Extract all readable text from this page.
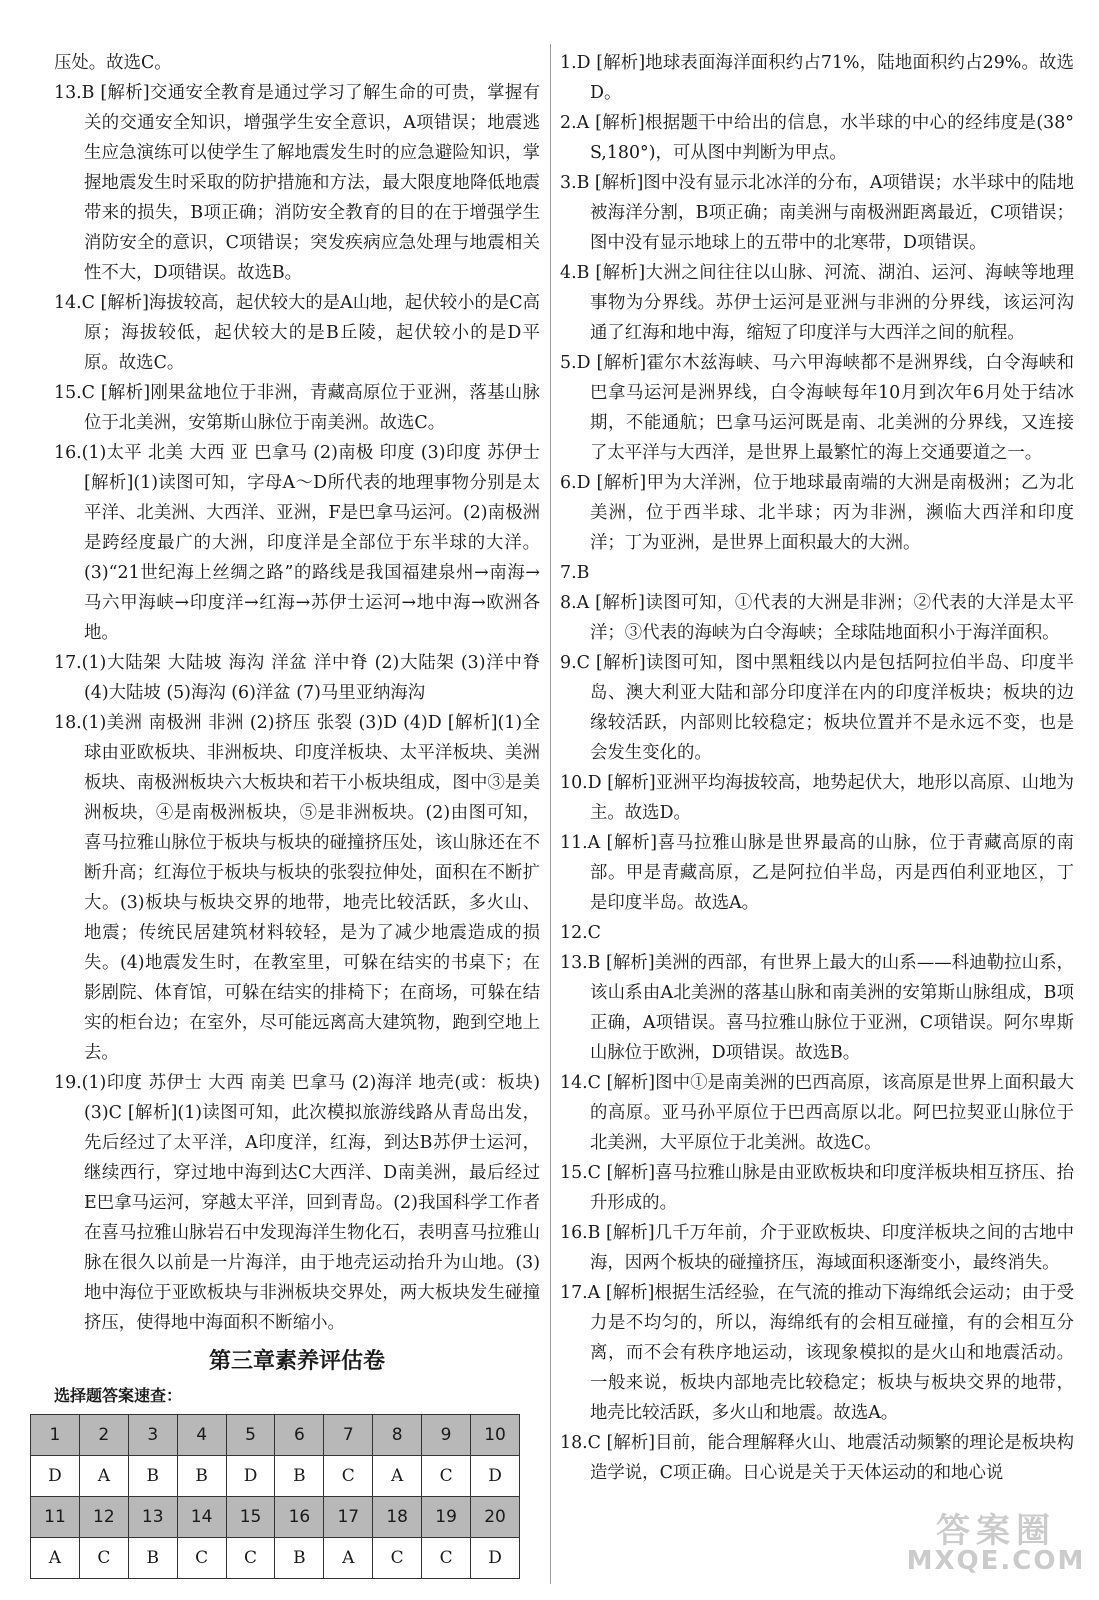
压处。故选C。
13.B [解析]交通安全教育是通过学习了解生命的可贵，掌握有关的交通安全知识，增强学生安全意识，A项错误；地震逃生应急演练可以使学生了解地震发生时的应急避险知识，掌握地震发生时采取的防护措施和方法，最大限度地降低地震带来的损失，B项正确；消防安全教育的目的在于增强学生消防安全的意识，C项错误；突发疾病应急处理与地震相关性不大，D项错误。故选B。
14.C [解析]海拔较高，起伏较大的是A山地，起伏较小的是C高原；海拔较低，起伏较大的是B丘陵，起伏较小的是D平原。故选C。
15.C [解析]刚果盆地位于非洲，青藏高原位于亚洲，落基山脉位于北美洲，安第斯山脉位于南美洲。故选C。
16.(1)太平 北美 大西 亚 巴拿马 (2)南极 印度 (3)印度 苏伊士 [解析](1)读图可知，字母A～D所代表的地理事物分别是太平洋、北美洲、大西洋、亚洲，F是巴拿马运河。(2)南极洲是跨经度最广的大洲，印度洋是全部位于东半球的大洋。(3)“21世纪海上丝绸之路”的路线是我国福建泉州→南海→马六甲海峡→印度洋→红海→苏伊士运河→地中海→欧洲各地。
17.(1)大陆架 大陆坡 海沟 洋盆 洋中脊 (2)大陆架 (3)洋中脊 (4)大陆坡 (5)海沟 (6)洋盆 (7)马里亚纳海沟
18.(1)美洲 南极洲 非洲 (2)挤压 张裂 (3)D (4)D [解析](1)全球由亚欧板块、非洲板块、印度洋板块、太平洋板块、美洲板块、南极洲板块六大板块和若干小板块组成，图中③是美洲板块，④是南极洲板块，⑤是非洲板块。(2)由图可知，喜马拉雅山脉位于板块与板块的碰撞挤压处，该山脉还在不断升高；红海位于板块与板块的张裂拉伸处，面积在不断扩大。(3)板块与板块交界的地带，地壳比较活跃，多火山、地震；传统民居建筑材料较轻，是为了减少地震造成的损失。(4)地震发生时，在教室里，可躲在结实的书桌下；在影剧院、体育馆，可躲在结实的排椅下；在商场，可躲在结实的柜台边；在室外，尽可能远离高大建筑物，跑到空地上去。
19.(1)印度 苏伊士 大西 南美 巴拿马 (2)海洋 地壳(或：板块) (3)C [解析](1)读图可知，此次模拟旅游线路从青岛出发，先后经过了太平洋，A印度洋，红海，到达B苏伊士运河，继续西行，穿过地中海到达C大西洋、D南美洲，最后经过E巴拿马运河，穿越太平洋，回到青岛。(2)我国科学工作者在喜马拉雅山脉岩石中发现海洋生物化石，表明喜马拉雅山脉在很久以前是一片海洋，由于地壳运动抬升为山地。(3)地中海位于亚欧板块与非洲板块交界处，两大板块发生碰撞挤压，使得地中海面积不断缩小。
第三章素养评估卷
选择题答案速查：
1	2	3	4	5	6	7	8	9	10
D	A	B	B	D	B	C	A	C	D
11	12	13	14	15	16	17	18	19	20
A	C	B	C	C	B	A	C	C	D
1.D [解析]地球表面海洋面积约占71%，陆地面积约占29%。故选D。
2.A [解析]根据题干中给出的信息，水半球的中心的经纬度是(38°S,180°)，可从图中判断为甲点。
3.B [解析]图中没有显示北冰洋的分布，A项错误；水半球中的陆地被海洋分割，B项正确；南美洲与南极洲距离最近，C项错误；图中没有显示地球上的五带中的北寒带，D项错误。
4.B [解析]大洲之间往往以山脉、河流、湖泊、运河、海峡等地理事物为分界线。苏伊士运河是亚洲与非洲的分界线，该运河沟通了红海和地中海，缩短了印度洋与大西洋之间的航程。
5.D [解析]霍尔木兹海峡、马六甲海峡都不是洲界线，白令海峡和巴拿马运河是洲界线，白令海峡每年10月到次年6月处于结冰期，不能通航；巴拿马运河既是南、北美洲的分界线，又连接了太平洋与大西洋，是世界上最繁忙的海上交通要道之一。
6.D [解析]甲为大洋洲，位于地球最南端的大洲是南极洲；乙为北美洲，位于西半球、北半球；丙为非洲，濒临大西洋和印度洋；丁为亚洲，是世界上面积最大的大洲。
7.B
8.A [解析]读图可知，①代表的大洲是非洲；②代表的大洋是太平洋；③代表的海峡为白令海峡；全球陆地面积小于海洋面积。
9.C [解析]读图可知，图中黑粗线以内是包括阿拉伯半岛、印度半岛、澳大利亚大陆和部分印度洋在内的印度洋板块；板块的边缘较活跃，内部则比较稳定；板块位置并不是永远不变，也是会发生变化的。
10.D [解析]亚洲平均海拔较高，地势起伏大，地形以高原、山地为主。故选D。
11.A [解析]喜马拉雅山脉是世界最高的山脉，位于青藏高原的南部。甲是青藏高原，乙是阿拉伯半岛，丙是西伯利亚地区，丁是印度半岛。故选A。
12.C
13.B [解析]美洲的西部，有世界上最大的山系——科迪勒拉山系，该山系由A北美洲的落基山脉和南美洲的安第斯山脉组成，B项正确，A项错误。喜马拉雅山脉位于亚洲，C项错误。阿尔卑斯山脉位于欧洲，D项错误。故选B。
14.C [解析]图中①是南美洲的巴西高原，该高原是世界上面积最大的高原。亚马孙平原位于巴西高原以北。阿巴拉契亚山脉位于北美洲，大平原位于北美洲。故选C。
15.C [解析]喜马拉雅山脉是由亚欧板块和印度洋板块相互挤压、抬升形成的。
16.B [解析]几千万年前，介于亚欧板块、印度洋板块之间的古地中海，因两个板块的碰撞挤压，海域面积逐渐变小，最终消失。
17.A [解析]根据生活经验，在气流的推动下海绵纸会运动；由于受力是不均匀的，所以，海绵纸有的会相互碰撞，有的会相互分离，而不会有秩序地运动，该现象模拟的是火山和地震活动。一般来说，板块内部地壳比较稳定；板块与板块交界的地带，地壳比较活跃，多火山和地震。故选A。
18.C [解析]目前，能合理解释火山、地震活动频繁的理论是板块构造学说，C项正确。日心说是关于天体运动的和地心说
答案圈
MXQE.COM
